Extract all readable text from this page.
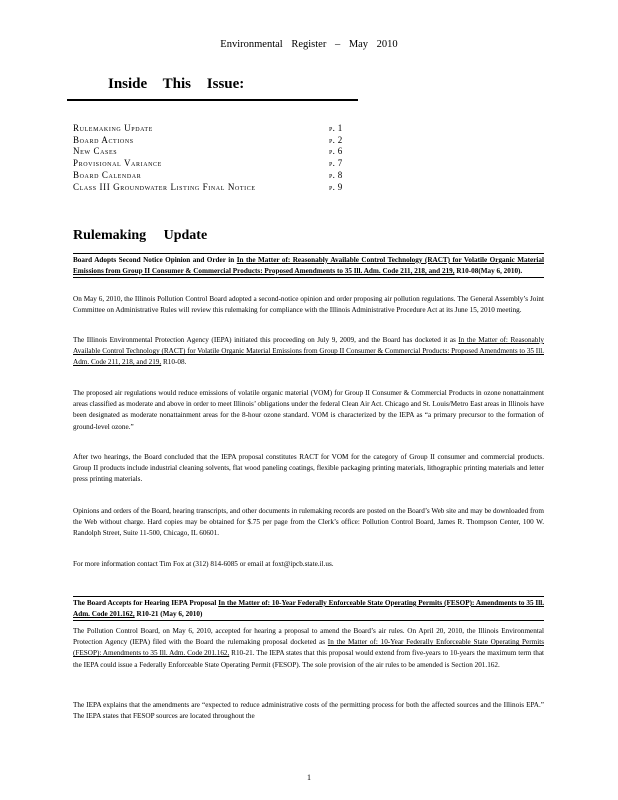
Environmental Register – May 2010
Inside This Issue:
Rulemaking Update	p. 1
Board Actions	p. 2
New Cases	p. 6
Provisional Variance	p. 7
Board Calendar	p. 8
Class III Groundwater Listing Final Notice	p. 9
Rulemaking Update
Board Adopts Second Notice Opinion and Order in In the Matter of: Reasonably Available Control Technology (RACT) for Volatile Organic Material Emissions from Group II Consumer & Commercial Products: Proposed Amendments to 35 Ill. Adm. Code 211, 218, and 219, R10-08(May 6, 2010).
On May 6, 2010, the Illinois Pollution Control Board adopted a second-notice opinion and order proposing air pollution regulations. The General Assembly’s Joint Committee on Administrative Rules will review this rulemaking for compliance with the Illinois Administrative Procedure Act at its June 15, 2010 meeting.
The Illinois Environmental Protection Agency (IEPA) initiated this proceeding on July 9, 2009, and the Board has docketed it as In the Matter of: Reasonably Available Control Technology (RACT) for Volatile Organic Material Emissions from Group II Consumer & Commercial Products: Proposed Amendments to 35 Ill. Adm. Code 211, 218, and 219, R10-08.
The proposed air regulations would reduce emissions of volatile organic material (VOM) for Group II Consumer & Commercial Products in ozone nonattainment areas classified as moderate and above in order to meet Illinois’ obligations under the federal Clean Air Act. Chicago and St. Louis/Metro East areas in Illinois have been designated as moderate nonattainment areas for the 8-hour ozone standard. VOM is characterized by the IEPA as “a primary precursor to the formation of ground-level ozone.”
After two hearings, the Board concluded that the IEPA proposal constitutes RACT for VOM for the category of Group II consumer and commercial products. Group II products include industrial cleaning solvents, flat wood paneling coatings, flexible packaging printing materials, lithographic printing materials and letter press printing materials.
Opinions and orders of the Board, hearing transcripts, and other documents in rulemaking records are posted on the Board’s Web site and may be downloaded from the Web without charge. Hard copies may be obtained for $.75 per page from the Clerk’s office: Pollution Control Board, James R. Thompson Center, 100 W. Randolph Street, Suite 11-500, Chicago, IL 60601.
For more information contact Tim Fox at (312) 814-6085 or email at foxt@ipcb.state.il.us.
The Board Accepts for Hearing IEPA Proposal In the Matter of: 10-Year Federally Enforceable State Operating Permits (FESOP): Amendments to 35 Ill. Adm. Code 201.162, R10-21 (May 6, 2010)
The Pollution Control Board, on May 6, 2010, accepted for hearing a proposal to amend the Board’s air rules. On April 20, 2010, the Illinois Environmental Protection Agency (IEPA) filed with the Board the rulemaking proposal docketed as In the Matter of: 10-Year Federally Enforceable State Operating Permits (FESOP): Amendments to 35 Ill. Adm. Code 201.162, R10-21. The IEPA states that this proposal would extend from five-years to 10-years the maximum term that the IEPA could issue a Federally Enforceable State Operating Permit (FESOP). The sole provision of the air rules to be amended is Section 201.162.
The IEPA explains that the amendments are “expected to reduce administrative costs of the permitting process for both the affected sources and the Illinois EPA.” The IEPA states that FESOP sources are located throughout the
1
